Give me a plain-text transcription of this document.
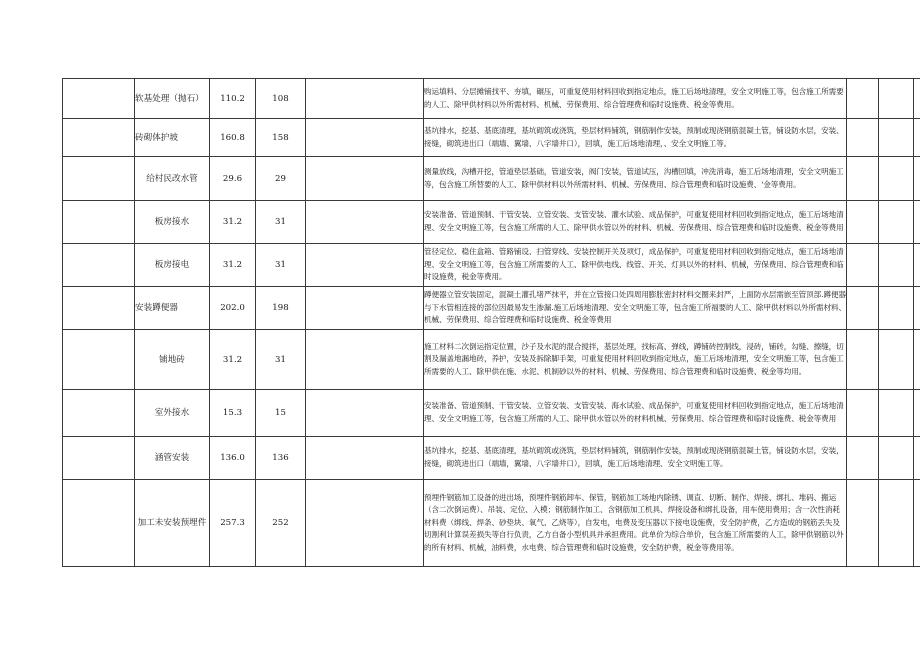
	软基处理（抛石）	110.2	108		购运填料、分层摊铺找平、夯填，碾压，可重复使用材料回收到指定地点，施工后场地清理，安全文明施工等，包含施工所需要的人工、除甲供材料以外所需材料、机械、劳保费用、综合管理费和临时设施费、税金等费用。			
	砖砌体护坡	160.8	158		基坑排水，挖基、基底清理，基坑砌筑或浇筑，垫层材料铺筑，钢筋制作安装，预制或现浇钢筋混凝土管，铺设防水层，安装、接缝，砌筑进出口（端墙、翼墙、八字墙井口），回填，施工后场地清理，、安全文明施工等。			
	给村民改水管	29.6	29		测量放线，沟槽开挖，管道垫层基础，管道安装，阀门安装，管道试压，沟槽回填，冲洗消毒，施工后场地清理，安全文明施工等，包含施工所替要的人工、除甲供材料以外所需材料、机械、劳保费用、综合管理费和临时设施费、'金等费用。			
	板房接水	31.2	31		安装准备、管道预制、干管安装、立管安装、支管安装、灌水试验、成品保护，可重复使用材料回收到指定地点，施工后场地清理、安全文明施工等，包含施工所需的人工、除甲供水管以外的材料、机械、劳保费用、综合管理费和临时设施费、税金等费用			
	板房接电	31.2	31		管径定位、稳住盒箱、管路铺设、扫管穿线、安装控制开关及项灯，成品保护，可重复使用材料回收到指定地点，施工后场地清理、安全文明施工等，包含施工所需要的人工、除甲供电线、线管、开关、灯具以外的材料、机械，劳保费用、综合管理费和临时设施费，税金等费用。			
	安装蹲便器	202.0	198		蹲便器立管安装固定，混凝土灌孔堵严抹平，并在立管接口处四周用膨胀密封材料交圈来封严，上面防水层需嵌至管顶部.蹲便器与下水管相连接的部位因最易发生渗漏.施工后场地清理、安全文明施工等，包含施工所福要的人工、除甲供材料以外所需材料、机械、劳保费用、综合管理费和临时设施费、税金等费用			
	铺地砖	31.2	31		施工材料二次倒运指定位置，沙子及水泥的混合搅拌，基层处理，找标高、弹线，蹲铺砖控制线，浸砖，铺砖，勾缝、擦缝，切割及漏盖地漏地砖，养护，安装及拆除脚手架，可重复使用材料回收到指定地点，施工后场地清理，安全文明施工等，包含施工所需要的人工、除甲供在施、水泥、机制砂以外的材料、机械、劳保费用、综合管理费和临时设施费、税金等均用。			
	室外接水	15.3	15		安装准备、管道预制、干管安装、立管安装、支管安装、海水试验、成品保护，可重复使用材料回收到指定地点，施工后场地清理、安全文明施工等，包含施工所需的人工、除甲供水管以外的材料机械、劳保费用、综合管理费和临时设施费、税金等费用			
	涵管安装	136.0	136		基坑排水，挖基、基底清理，基坑砌筑或浇筑，垫层材料铺筑，钢筋制作安装，预制或现浇钢筋混凝土管，铺设防水层，安装，接缝，砌筑进出口（端墙，翼墙、八字墙井口），回填，施工后场地清理、安全文明施工等。			
	加工未安装预埋件	257.3	252		预埋件钢筋加工设备的进出场，预埋件钢筋卸车、保管，钢筋加工场地内除锈、调直、切断、制作、焊接、绑扎、堆码、搬运（含二次倒运费）、吊装、定位、入模；钢筋制作加工、含钢筋加工机具、焊接设备和绑扎设备，用车使用费用；含一次性消耗材料费（绑线、焊条、砂垫块、氧气、乙烧等），自发电，电费及变压器以下接电设施费，安全防护费，乙方造成的钢筋丢失及切割利计算误差损失等自行负责，乙方自备小型机具并承担费用。此单价为综合单价，包含施工所需要的人工，除甲供钢筋以外的所有材料、机械，油料费，水电费、综合管理费和临时设施费，安全防护费，税金等费用等。			
